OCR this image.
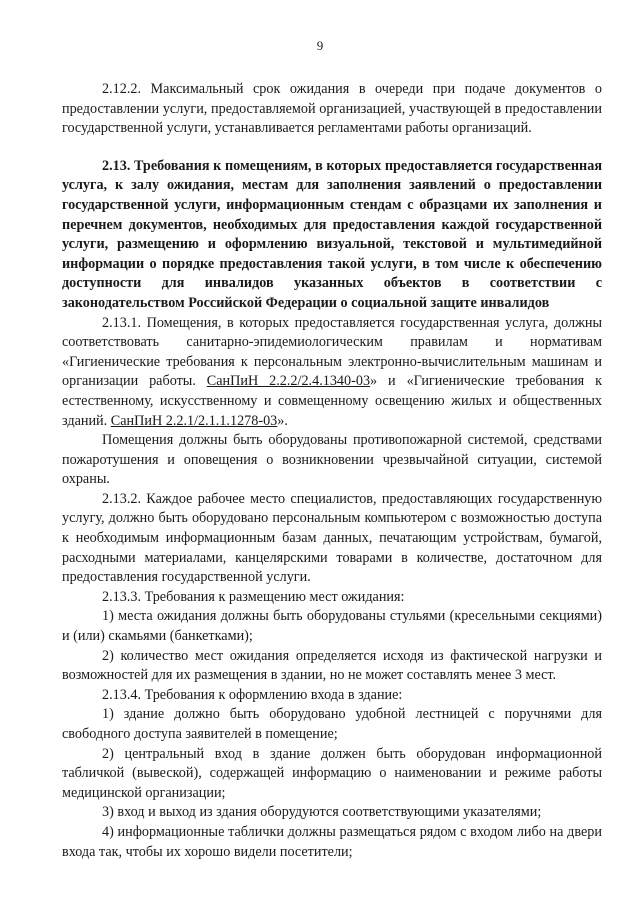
9

2.12.2. Максимальный срок ожидания в очереди при подаче документов о предоставлении услуги, предоставляемой организацией, участвующей в предоставлении государственной услуги, устанавливается регламентами работы организаций.

2.13. Требования к помещениям, в которых предоставляется государственная услуга, к залу ожидания, местам для заполнения заявлений о предоставлении государственной услуги, информационным стендам с образцами их заполнения и перечнем документов, необходимых для предоставления каждой государственной услуги, размещению и оформлению визуальной, текстовой и мультимедийной информации о порядке предоставления такой услуги, в том числе к обеспечению доступности для инвалидов указанных объектов в соответствии с законодательством Российской Федерации о социальной защите инвалидов

2.13.1. Помещения, в которых предоставляется государственная услуга, должны соответствовать санитарно-эпидемиологическим правилам и нормативам «Гигиенические требования к персональным электронно-вычислительным машинам и организации работы. СанПиН 2.2.2/2.4.1340-03» и «Гигиенические требования к естественному, искусственному и совмещенному освещению жилых и общественных зданий. СанПиН 2.2.1/2.1.1.1278-03».

Помещения должны быть оборудованы противопожарной системой, средствами пожаротушения и оповещения о возникновении чрезвычайной ситуации, системой охраны.

2.13.2. Каждое рабочее место специалистов, предоставляющих государственную услугу, должно быть оборудовано персональным компьютером с возможностью доступа к необходимым информационным базам данных, печатающим устройствам, бумагой, расходными материалами, канцелярскими товарами в количестве, достаточном для предоставления государственной услуги.

2.13.3. Требования к размещению мест ожидания:

1) места ожидания должны быть оборудованы стульями (кресельными секциями) и (или) скамьями (банкетками);

2) количество мест ожидания определяется исходя из фактической нагрузки и возможностей для их размещения в здании, но не может составлять менее 3 мест.

2.13.4. Требования к оформлению входа в здание:

1) здание должно быть оборудовано удобной лестницей с поручнями для свободного доступа заявителей в помещение;

2) центральный вход в здание должен быть оборудован информационной табличкой (вывеской), содержащей информацию о наименовании и режиме работы медицинской организации;

3) вход и выход из здания оборудуются соответствующими указателями;

4) информационные таблички должны размещаться рядом с входом либо на двери входа так, чтобы их хорошо видели посетители;
